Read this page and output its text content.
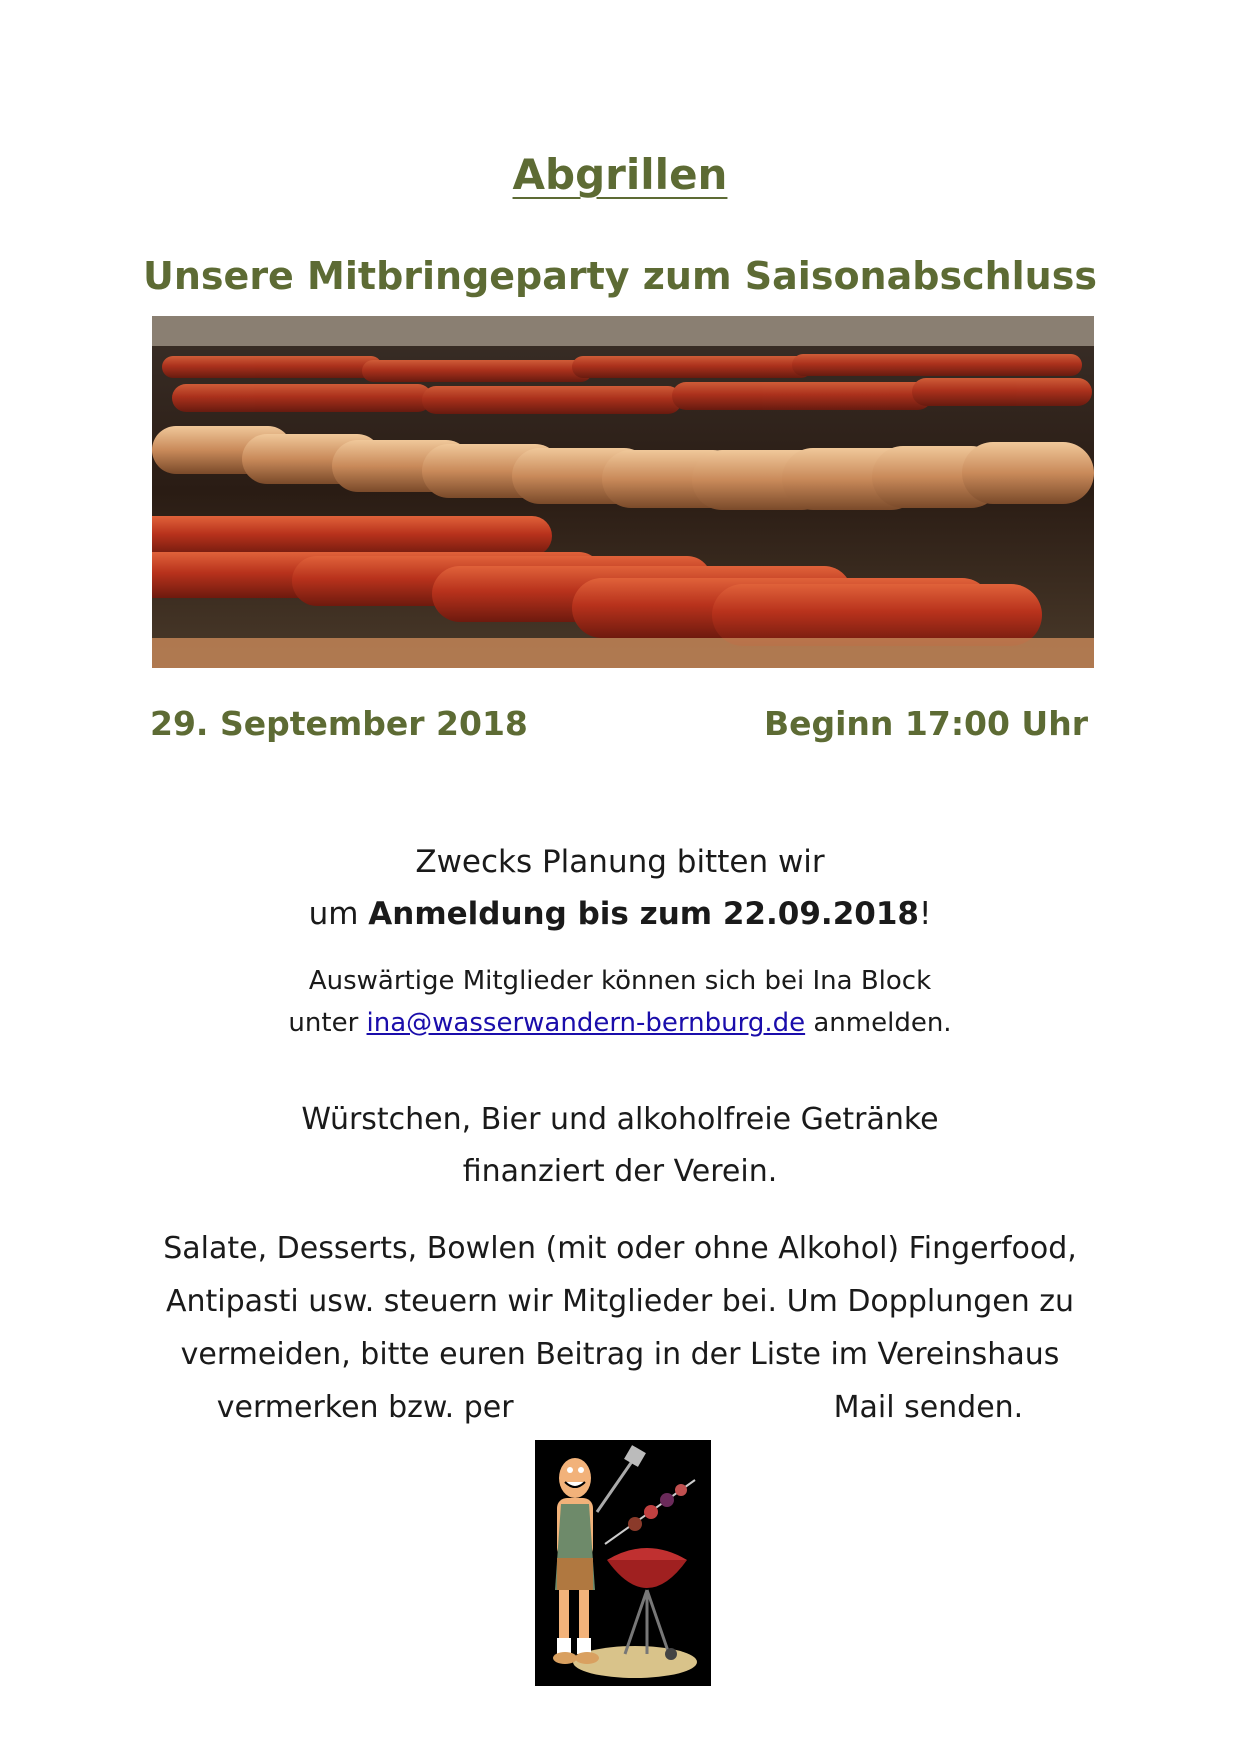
Abgrillen
Unsere Mitbringeparty zum Saisonabschluss
29. September 2018	Beginn 17:00 Uhr
Zwecks Planung bitten wir
um Anmeldung bis zum 22.09.2018!
Auswärtige Mitglieder können sich bei Ina Block
unter ina@wasserwandern-bernburg.de anmelden.
Würstchen, Bier und alkoholfreie Getränke
finanziert der Verein.
Salate, Desserts, Bowlen (mit oder ohne Alkohol) Fingerfood,
Antipasti usw. steuern wir Mitglieder bei. Um Dopplungen zu
vermeiden, bitte euren Beitrag in der Liste im Vereinshaus
vermerken bzw. per	Mail senden.
